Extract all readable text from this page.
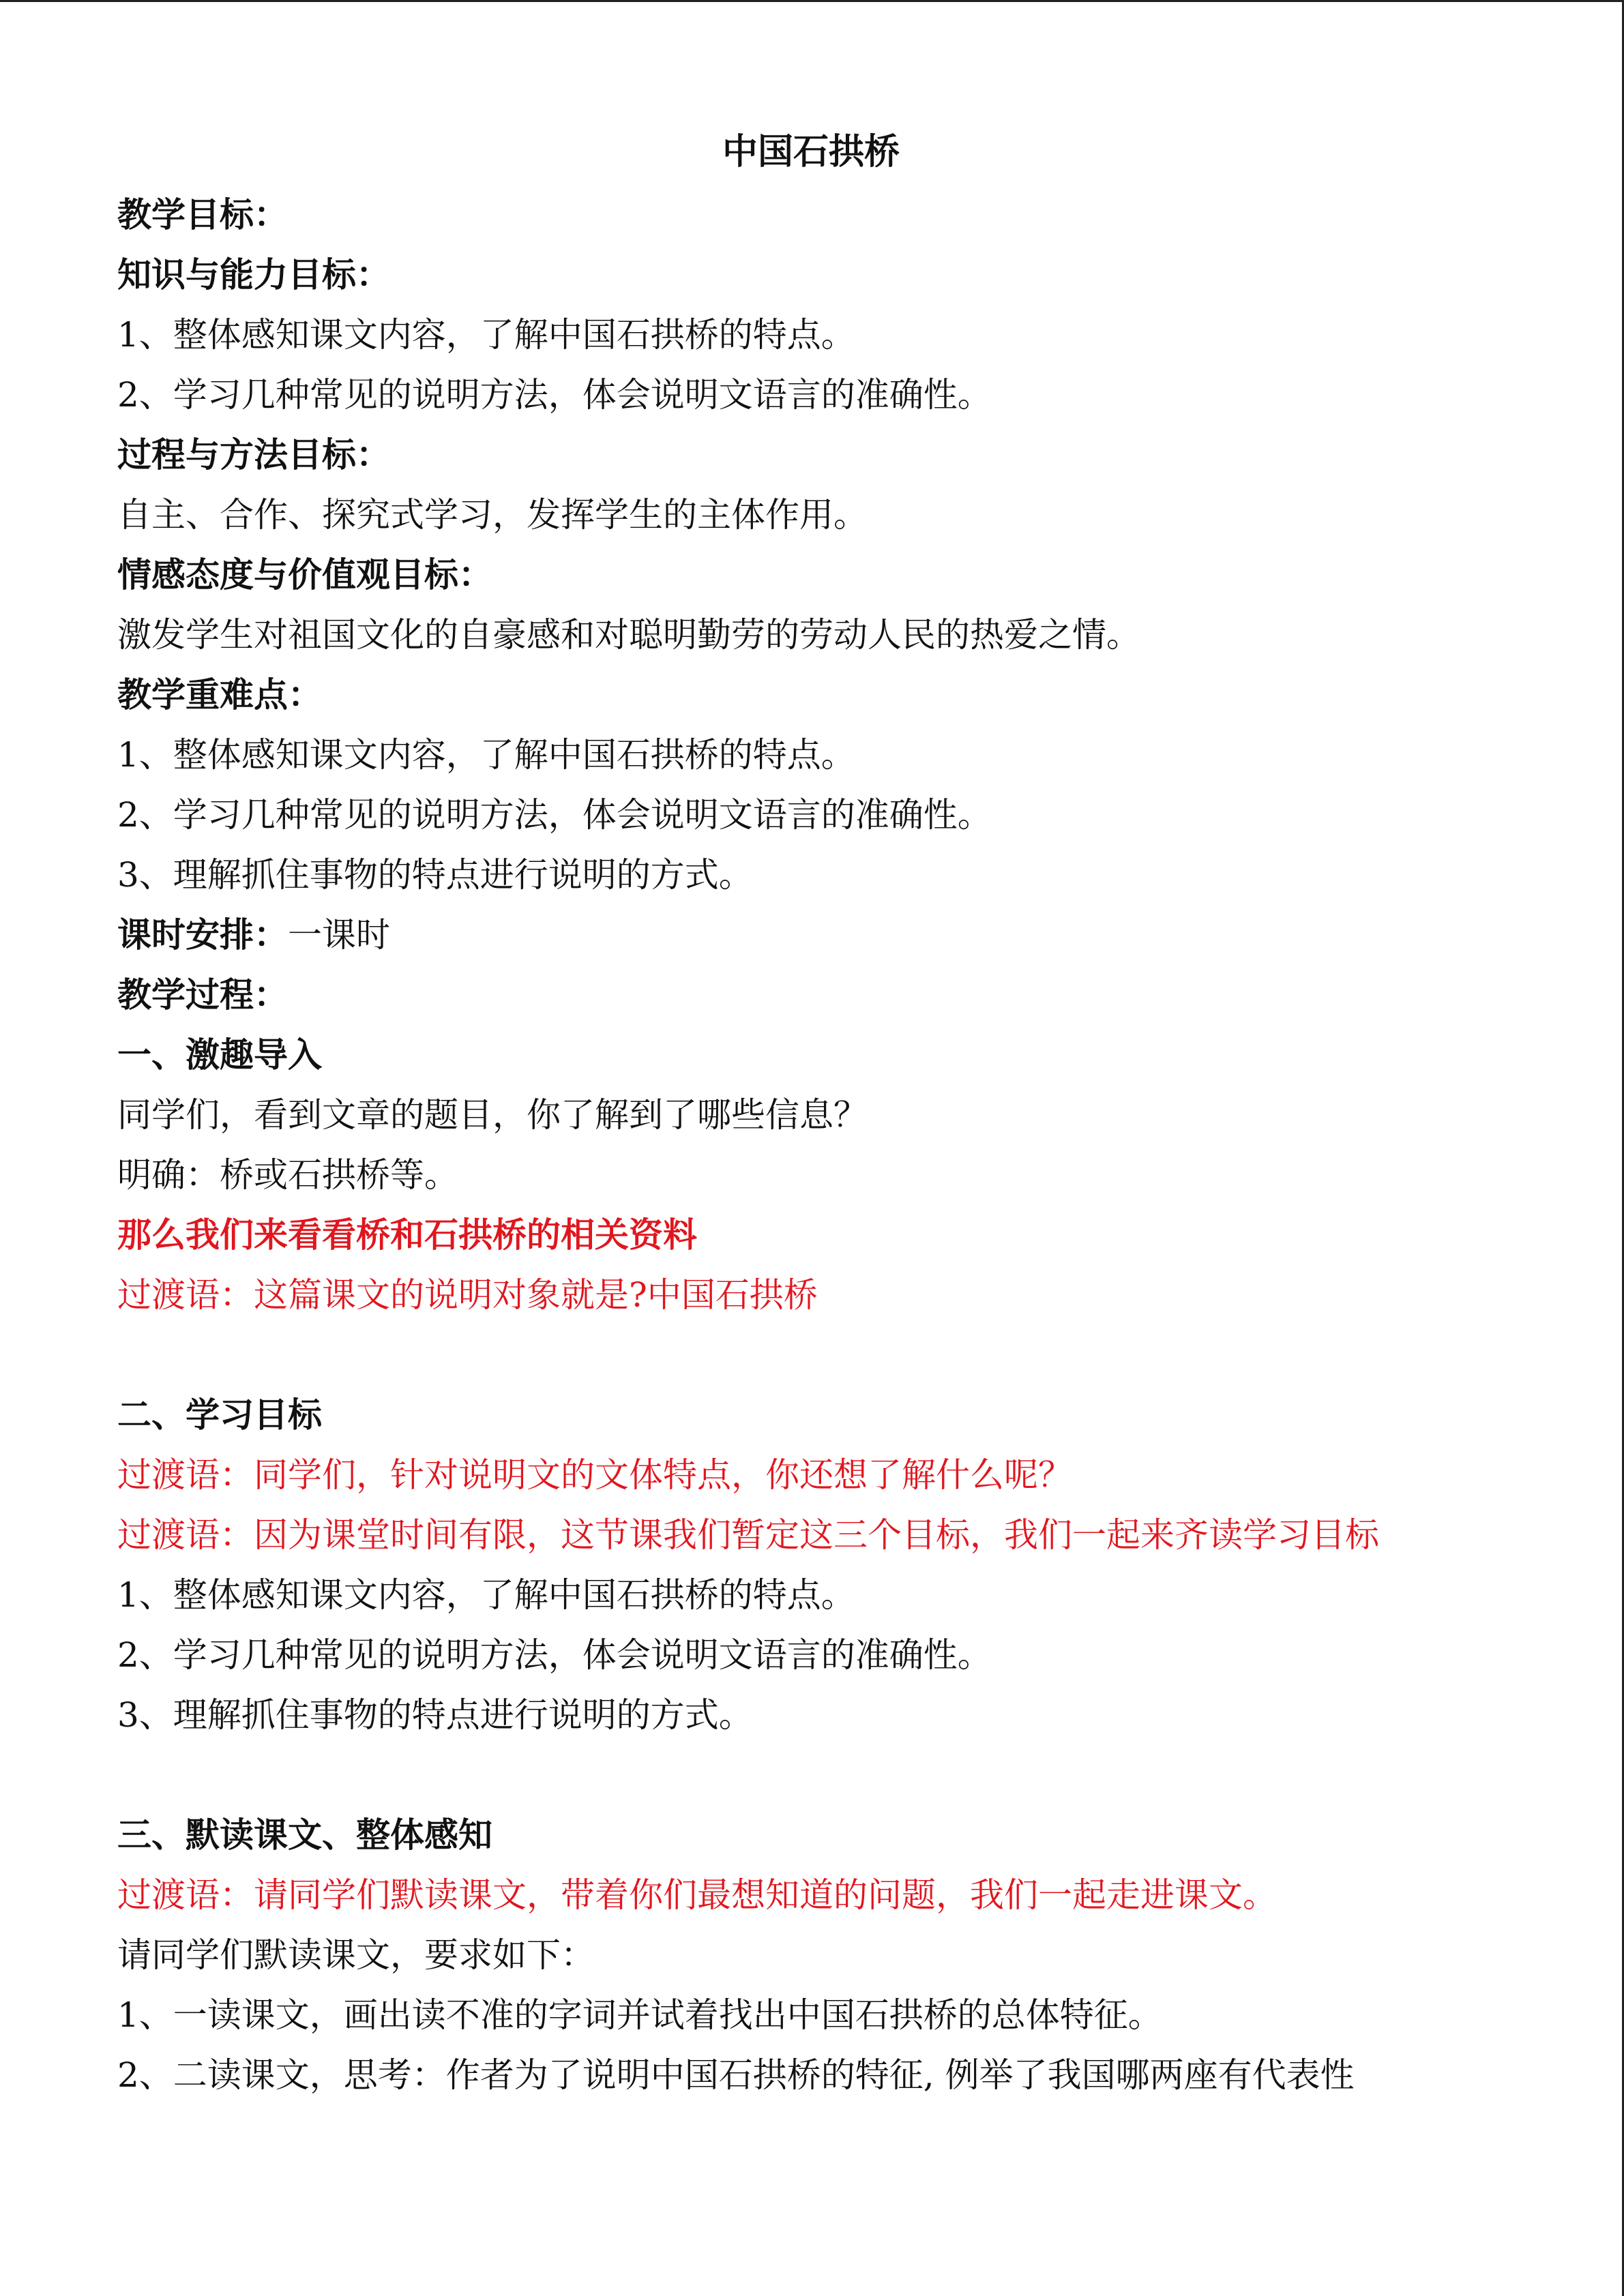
中国石拱桥
教学目标：
知识与能力目标：
1、整体感知课文内容，了解中国石拱桥的特点。
2、学习几种常见的说明方法，体会说明文语言的准确性。
过程与方法目标：
自主、合作、探究式学习，发挥学生的主体作用。
情感态度与价值观目标：
激发学生对祖国文化的自豪感和对聪明勤劳的劳动人民的热爱之情。
教学重难点：
1、整体感知课文内容，了解中国石拱桥的特点。
2、学习几种常见的说明方法，体会说明文语言的准确性。
3、理解抓住事物的特点进行说明的方式。
课时安排：一课时
教学过程：
一、激趣导入
同学们，看到文章的题目，你了解到了哪些信息？
明确：桥或石拱桥等。
那么我们来看看桥和石拱桥的相关资料
过渡语：这篇课文的说明对象就是?中国石拱桥
二、学习目标
过渡语：同学们，针对说明文的文体特点，你还想了解什么呢？
过渡语：因为课堂时间有限，这节课我们暂定这三个目标，我们一起来齐读学习目标
1、整体感知课文内容，了解中国石拱桥的特点。
2、学习几种常见的说明方法，体会说明文语言的准确性。
3、理解抓住事物的特点进行说明的方式。
三、默读课文、整体感知
过渡语：请同学们默读课文，带着你们最想知道的问题，我们一起走进课文。
请同学们默读课文，要求如下：
1、一读课文，画出读不准的字词并试着找出中国石拱桥的总体特征。
2、二读课文，思考：作者为了说明中国石拱桥的特征, 例举了我国哪两座有代表性
